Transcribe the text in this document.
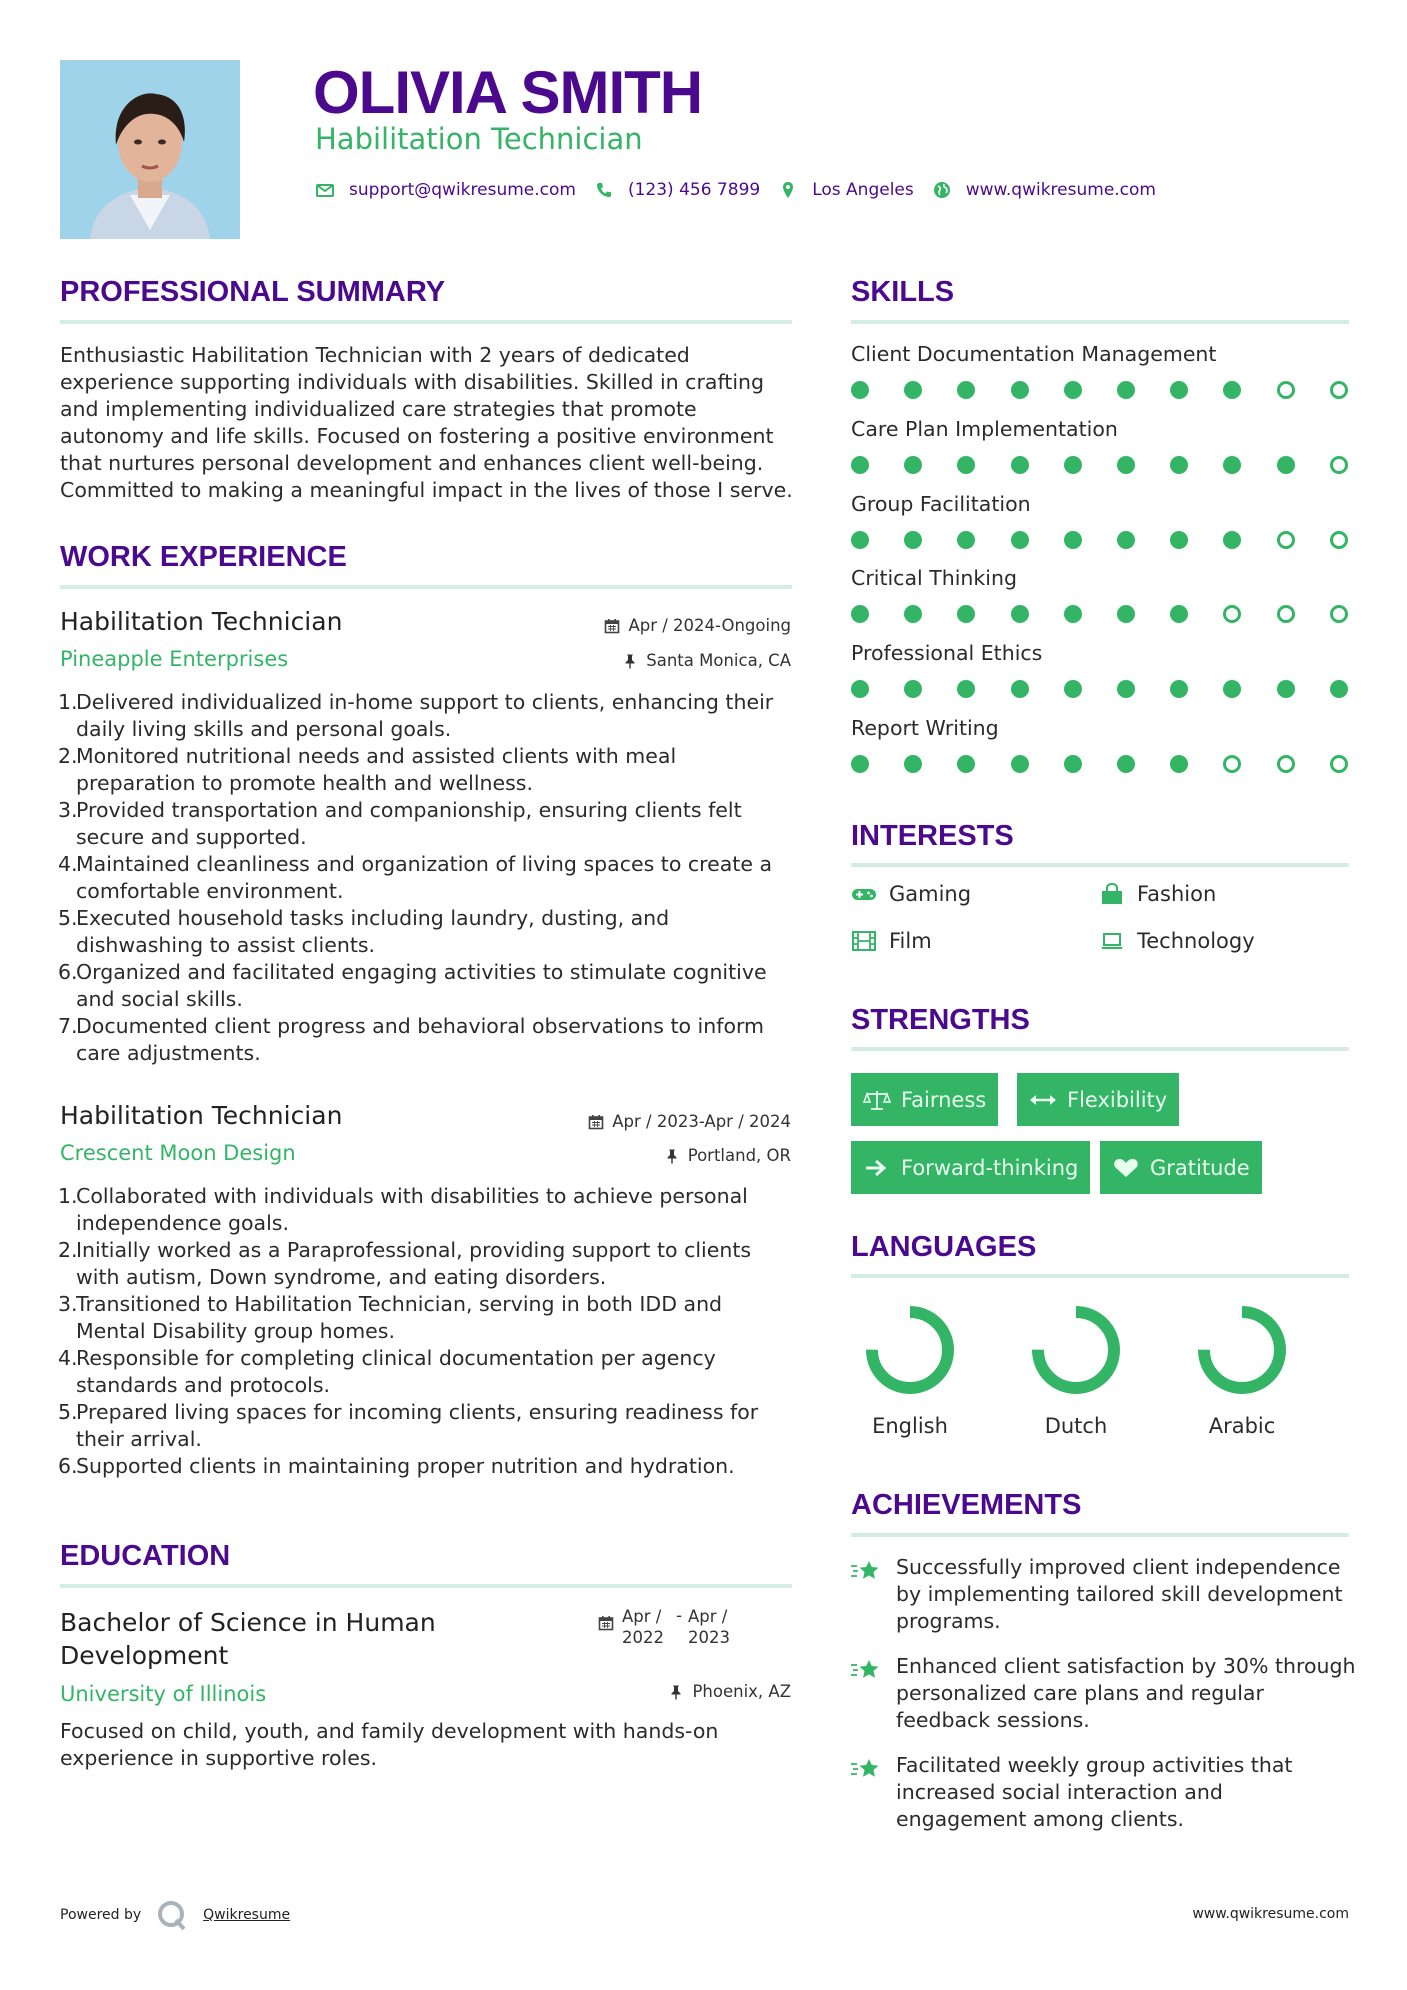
OLIVIA SMITH
Habilitation Technician
support@qwikresume.com	(123) 456 7899	Los Angeles	www.qwikresume.com
PROFESSIONAL SUMMARY
Enthusiastic Habilitation Technician with 2 years of dedicated experience supporting individuals with disabilities. Skilled in crafting and implementing individualized care strategies that promote autonomy and life skills. Focused on fostering a positive environment that nurtures personal development and enhances client well-being. Committed to making a meaningful impact in the lives of those I serve.
WORK EXPERIENCE
Habilitation Technician	Apr / 2024-Ongoing
Pineapple Enterprises	Santa Monica, CA
1.
Delivered individualized in-home support to clients, enhancing their daily living skills and personal goals.
2.
Monitored nutritional needs and assisted clients with meal preparation to promote health and wellness.
3.
Provided transportation and companionship, ensuring clients felt secure and supported.
4.
Maintained cleanliness and organization of living spaces to create a comfortable environment.
5.
Executed household tasks including laundry, dusting, and dishwashing to assist clients.
6.
Organized and facilitated engaging activities to stimulate cognitive and social skills.
7.
Documented client progress and behavioral observations to inform care adjustments.
Habilitation Technician	Apr / 2023-Apr / 2024
Crescent Moon Design	Portland, OR
1.
Collaborated with individuals with disabilities to achieve personal independence goals.
2.
Initially worked as a Paraprofessional, providing support to clients with autism, Down syndrome, and eating disorders.
3.
Transitioned to Habilitation Technician, serving in both IDD and Mental Disability group homes.
4.
Responsible for completing clinical documentation per agency standards and protocols.
5.
Prepared living spaces for incoming clients, ensuring readiness for their arrival.
6.
Supported clients in maintaining proper nutrition and hydration.
EDUCATION
Bachelor of Science in Human Development
Apr / 2022
- Apr / 2023
University of Illinois	Phoenix, AZ
Focused on child, youth, and family development with hands-on experience in supportive roles.
SKILLS
Client Documentation Management
Care Plan Implementation
Group Facilitation
Critical Thinking
Professional Ethics
Report Writing
INTERESTS
Gaming	Fashion
Film	Technology
STRENGTHS
Fairness	Flexibility
Forward-thinking	Gratitude
LANGUAGES
English	Dutch	Arabic
ACHIEVEMENTS
Successfully improved client independence by implementing tailored skill development programs.
Enhanced client satisfaction by 30% through personalized care plans and regular feedback sessions.
Facilitated weekly group activities that increased social interaction and engagement among clients.
Powered by	Qwikresume	www.qwikresume.com
